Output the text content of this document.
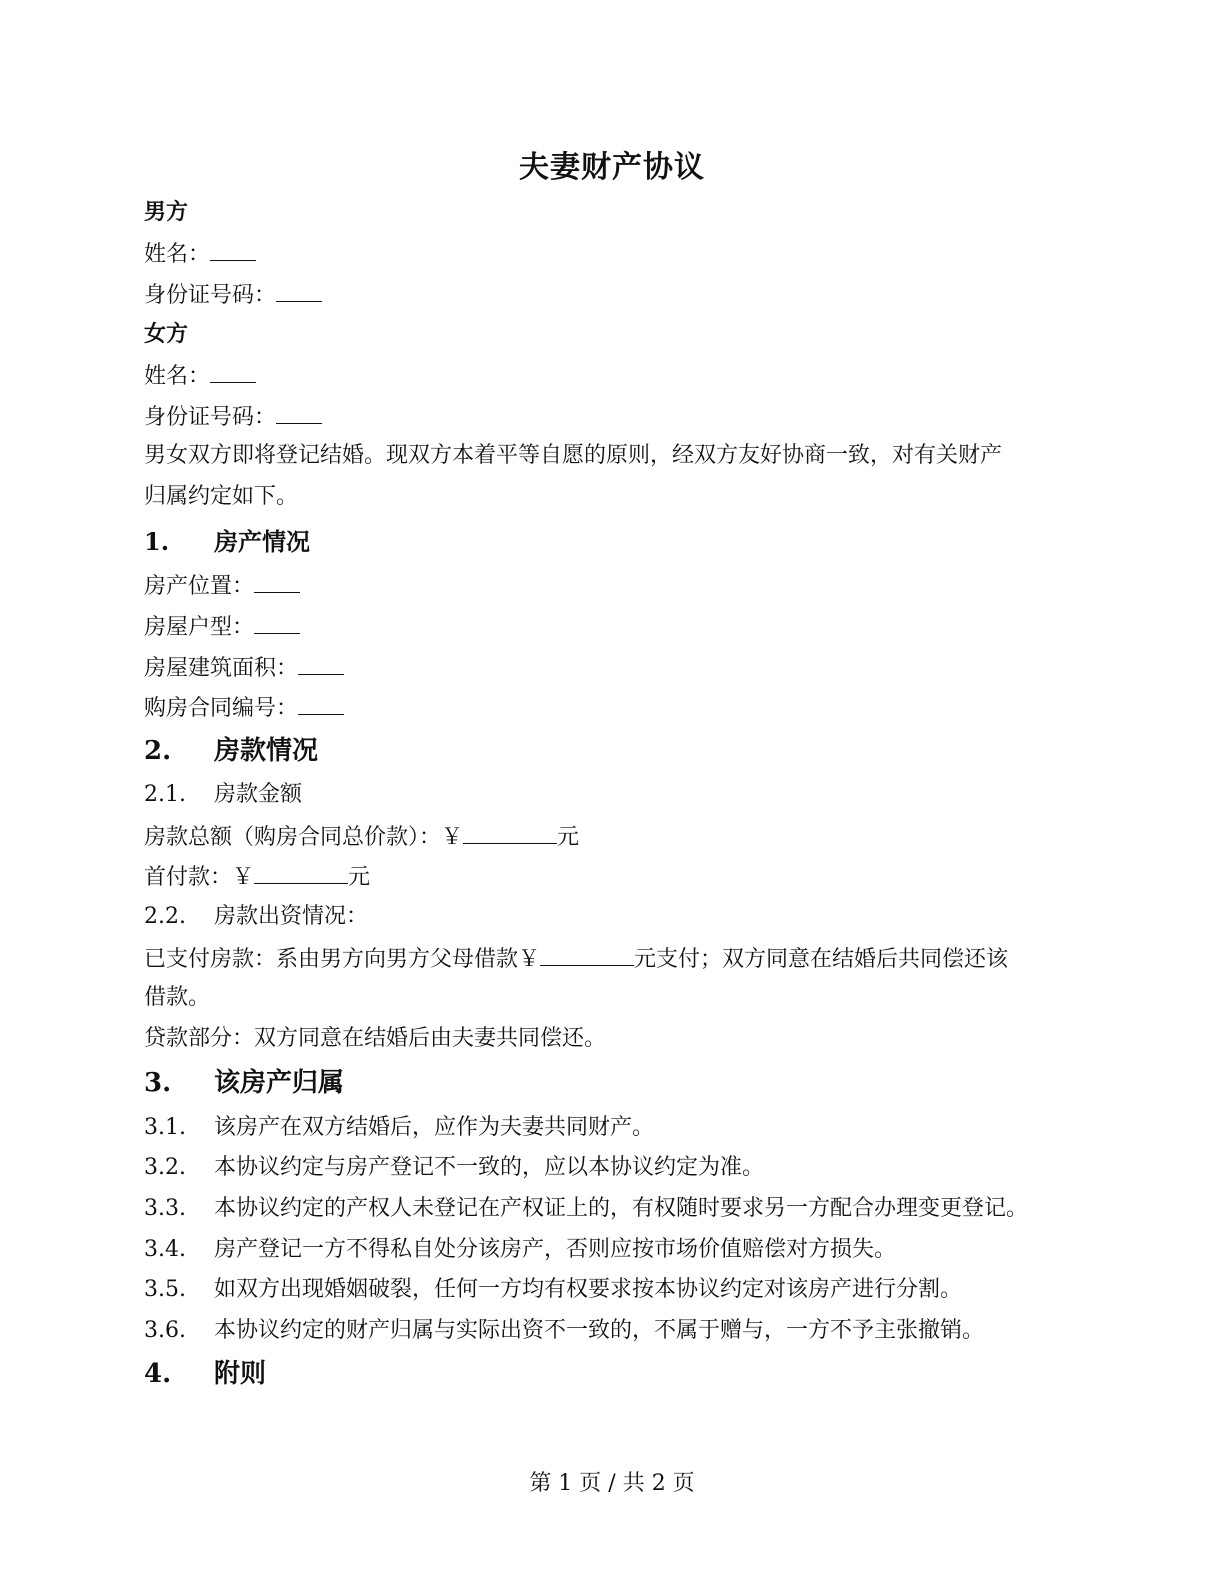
夫妻财产协议
男方
姓名：
身份证号码：
女方
姓名：
身份证号码：
男女双方即将登记结婚。现双方本着平等自愿的原则，经双方友好协商一致，对有关财产
归属约定如下。
1. 房产情况
房产位置：
房屋户型：
房屋建筑面积：
购房合同编号：
2. 房款情况
2.1. 房款金额
房款总额（购房合同总价款）：￥	元
首付款：￥	元
2.2. 房款出资情况：
已支付房款：系由男方向男方父母借款￥	元支付；双方同意在结婚后共同偿还该
借款。
贷款部分：双方同意在结婚后由夫妻共同偿还。
3. 该房产归属
3.1. 该房产在双方结婚后，应作为夫妻共同财产。
3.2. 本协议约定与房产登记不一致的，应以本协议约定为准。
3.3. 本协议约定的产权人未登记在产权证上的，有权随时要求另一方配合办理变更登记。
3.4. 房产登记一方不得私自处分该房产，否则应按市场价值赔偿对方损失。
3.5. 如双方出现婚姻破裂，任何一方均有权要求按本协议约定对该房产进行分割。
3.6. 本协议约定的财产归属与实际出资不一致的，不属于赠与，一方不予主张撤销。
4. 附则
第 1 页 / 共 2 页
